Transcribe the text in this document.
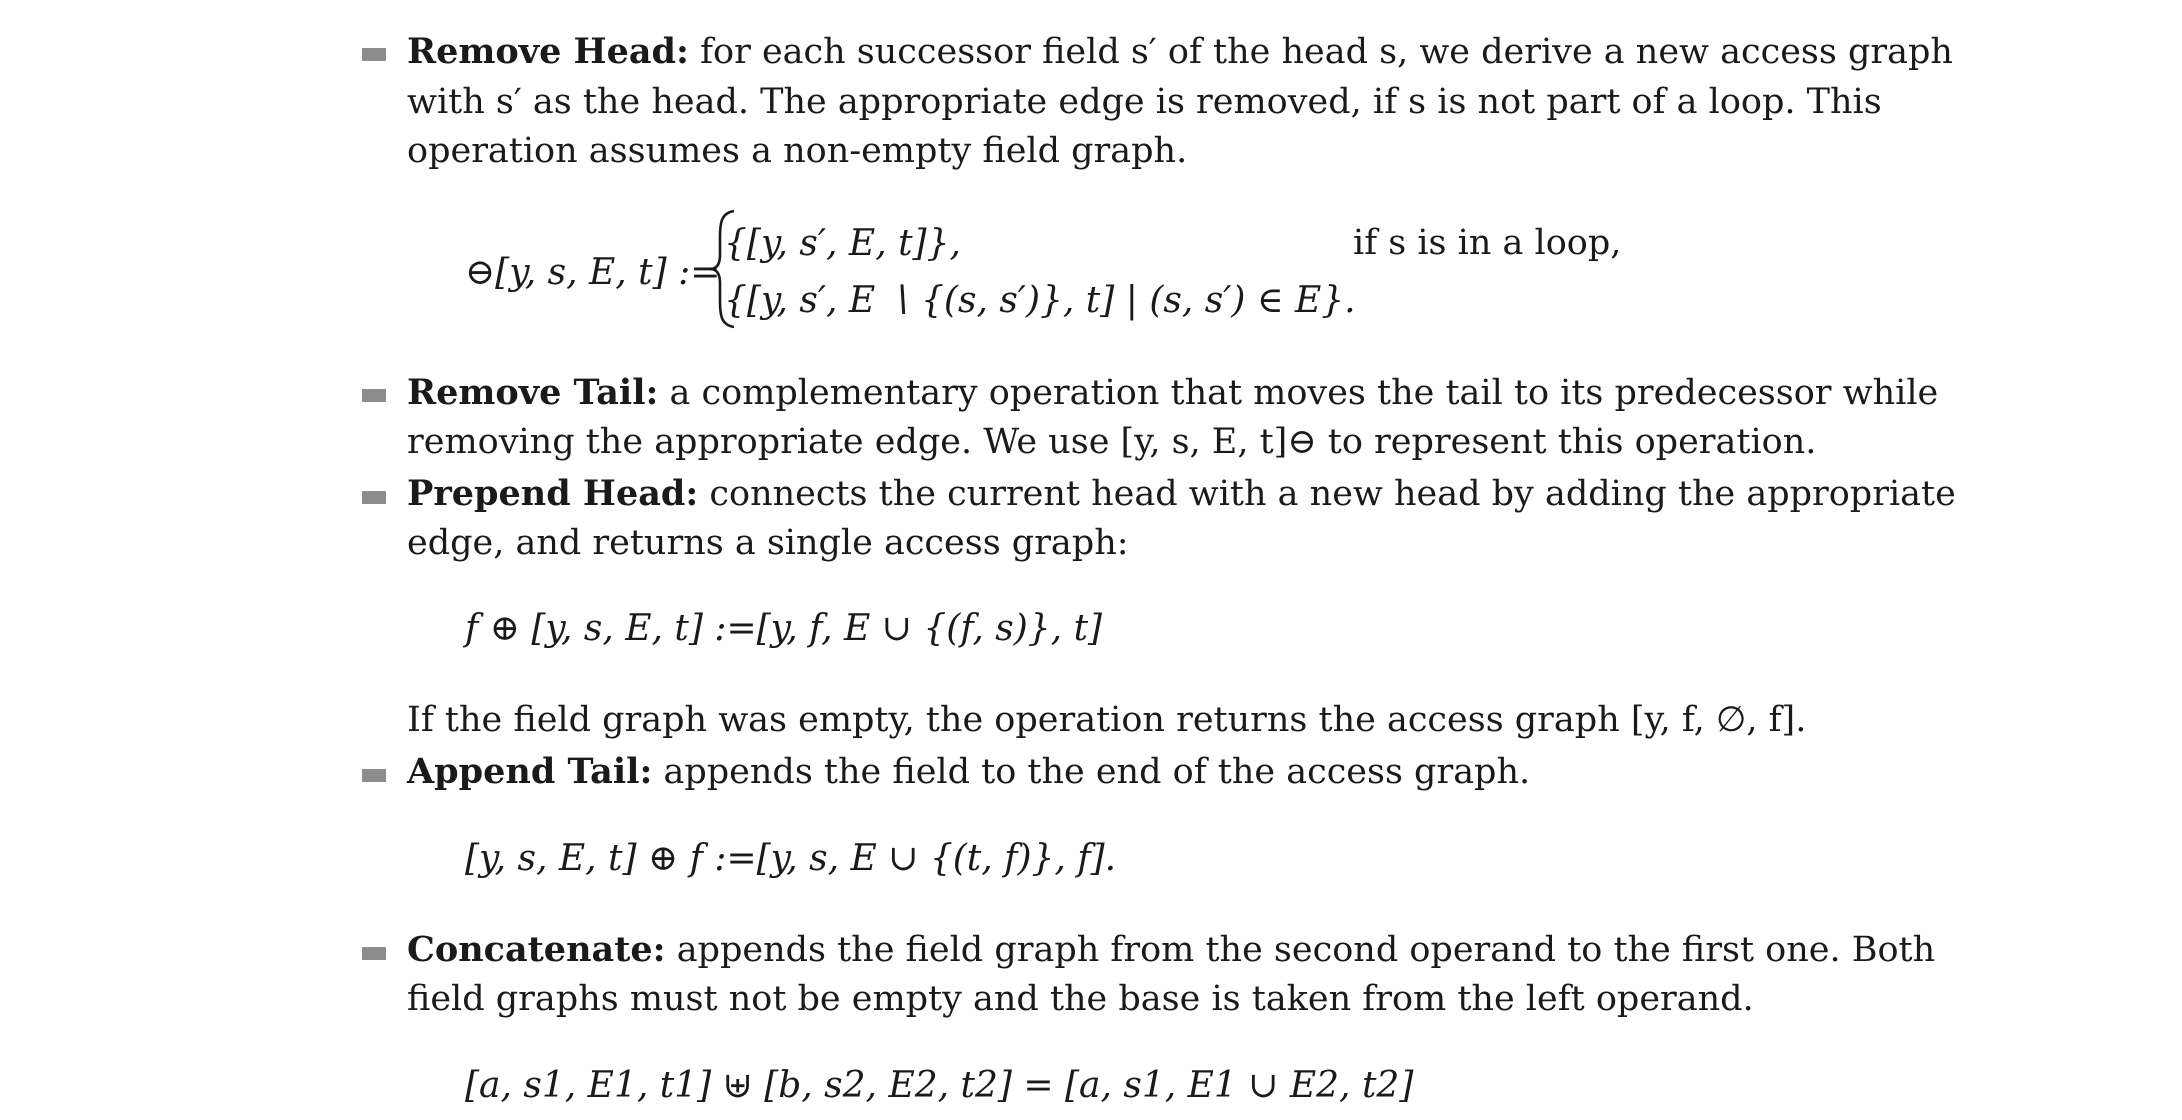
Remove Head: for each successor field s′ of the head s, we derive a new access graph
with s′ as the head. The appropriate edge is removed, if s is not part of a loop. This
operation assumes a non-empty field graph.
⊖[y, s, E, t] :=
{[y, s′, E, t]},	if s is in a loop,
{[y, s′, E ∖ {(s, s′)}, t] | (s, s′) ∈ E}.
Remove Tail: a complementary operation that moves the tail to its predecessor while
removing the appropriate edge. We use [y, s, E, t]⊖ to represent this operation.
Prepend Head: connects the current head with a new head by adding the appropriate
edge, and returns a single access graph:
f ⊕ [y, s, E, t] :=[y, f, E ∪ {(f, s)}, t]
If the field graph was empty, the operation returns the access graph [y, f, ∅, f].
Append Tail: appends the field to the end of the access graph.
[y, s, E, t] ⊕ f :=[y, s, E ∪ {(t, f)}, f].
Concatenate: appends the field graph from the second operand to the first one. Both
field graphs must not be empty and the base is taken from the left operand.
[a, s1, E1, t1] ⊎ [b, s2, E2, t2] = [a, s1, E1 ∪ E2, t2]
